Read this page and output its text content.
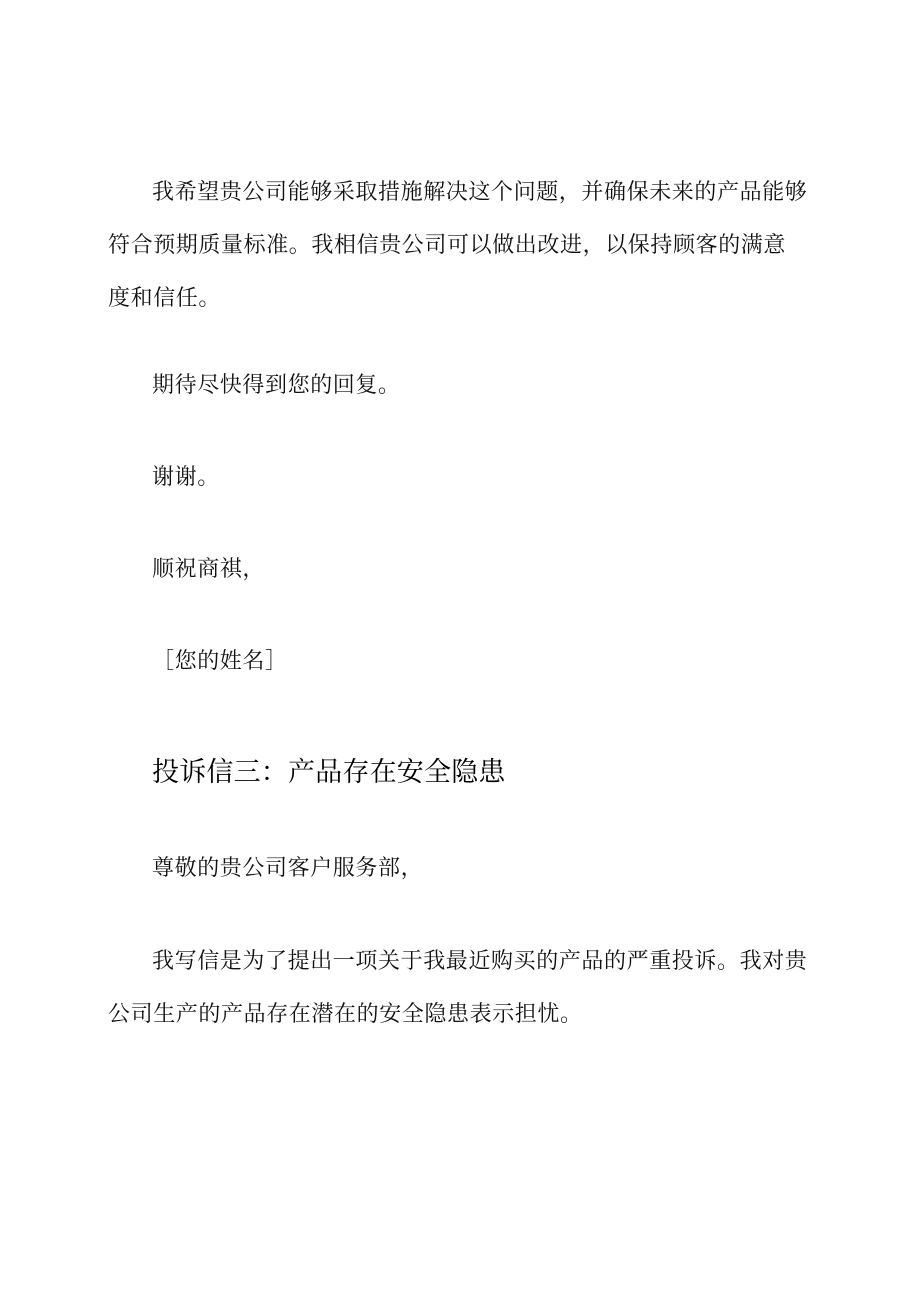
我希望贵公司能够采取措施解决这个问题，并确保未来的产品能够符合预期质量标准。我相信贵公司可以做出改进，以保持顾客的满意度和信任。

期待尽快得到您的回复。

谢谢。

顺祝商祺，

［您的姓名］

投诉信三：产品存在安全隐患

尊敬的贵公司客户服务部，

我写信是为了提出一项关于我最近购买的产品的严重投诉。我对贵公司生产的产品存在潜在的安全隐患表示担忧。
